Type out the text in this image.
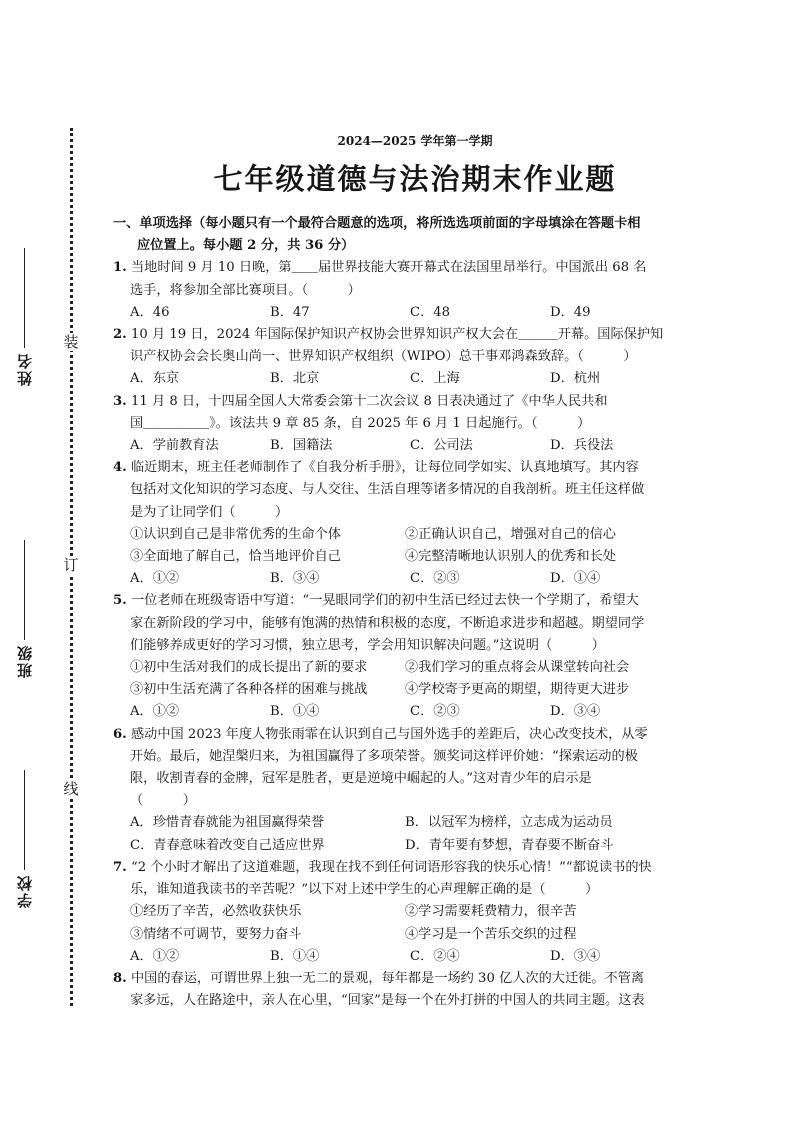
装
订
线
姓名
班级
学校
2024—2025 学年第一学期
七年级道德与法治期末作业题
一、单项选择（每小题只有一个最符合题意的选项，将所选选项前面的字母填涂在答题卡相
应位置上。每小题 2 分，共 36 分）
1. 当地时间 9 月 10 日晚，第＿＿届世界技能大赛开幕式在法国里昂举行。中国派出 68 名
选手，将参加全部比赛项目。（　　　）
A．46	B．47	C．48	D．49
2. 10 月 19 日，2024 年国际保护知识产权协会世界知识产权大会在＿＿＿开幕。国际保护知
识产权协会会长奥山尚一、世界知识产权组织（WIPO）总干事邓鸿森致辞。（　　　）
A．东京	B．北京	C．上海	D．杭州
3. 11 月 8 日，十四届全国人大常委会第十二次会议 8 日表决通过了《中华人民共和
国＿＿＿＿＿》。该法共 9 章 85 条，自 2025 年 6 月 1 日起施行。（　　　）
A．学前教育法	B．国籍法	C．公司法	D．兵役法
4. 临近期末，班主任老师制作了《自我分析手册》，让每位同学如实、认真地填写。其内容
包括对文化知识的学习态度、与人交往、生活自理等诸多情况的自我剖析。班主任这样做
是为了让同学们（　　　）
①认识到自己是非常优秀的生命个体	②正确认识自己，增强对自己的信心
③全面地了解自己，恰当地评价自己	④完整清晰地认识别人的优秀和长处
A．①②	B．③④	C．②③	D．①④
5. 一位老师在班级寄语中写道：“一晃眼同学们的初中生活已经过去快一个学期了，希望大
家在新阶段的学习中，能够有饱满的热情和积极的态度，不断追求进步和超越。期望同学
们能够养成更好的学习习惯，独立思考，学会用知识解决问题。”这说明（　　　）
①初中生活对我们的成长提出了新的要求	②我们学习的重点将会从课堂转向社会
③初中生活充满了各种各样的困难与挑战	④学校寄予更高的期望，期待更大进步
A．①②	B．①④	C．②③	D．③④
6. 感动中国 2023 年度人物张雨霏在认识到自己与国外选手的差距后，决心改变技术，从零
开始。最后，她涅槃归来，为祖国赢得了多项荣誉。颁奖词这样评价她：“探索运动的极
限，收割青春的金牌，冠军是胜者，更是逆境中崛起的人。”这对青少年的启示是
（　　　）
A．珍惜青春就能为祖国赢得荣誉	B．以冠军为榜样，立志成为运动员
C．青春意味着改变自己适应世界	D．青年要有梦想，青春要不断奋斗
7. “2 个小时才解出了这道难题，我现在找不到任何词语形容我的快乐心情！”“都说读书的快
乐，谁知道我读书的辛苦呢？”以下对上述中学生的心声理解正确的是（　　　）
①经历了辛苦，必然收获快乐	②学习需要耗费精力，很辛苦
③情绪不可调节，要努力奋斗	④学习是一个苦乐交织的过程
A．①②	B．①④	C．②④	D．③④
8. 中国的春运，可谓世界上独一无二的景观，每年都是一场约 30 亿人次的大迁徙。不管离
家多远，人在路途中，亲人在心里，“回家”是每一个在外打拼的中国人的共同主题。这表
